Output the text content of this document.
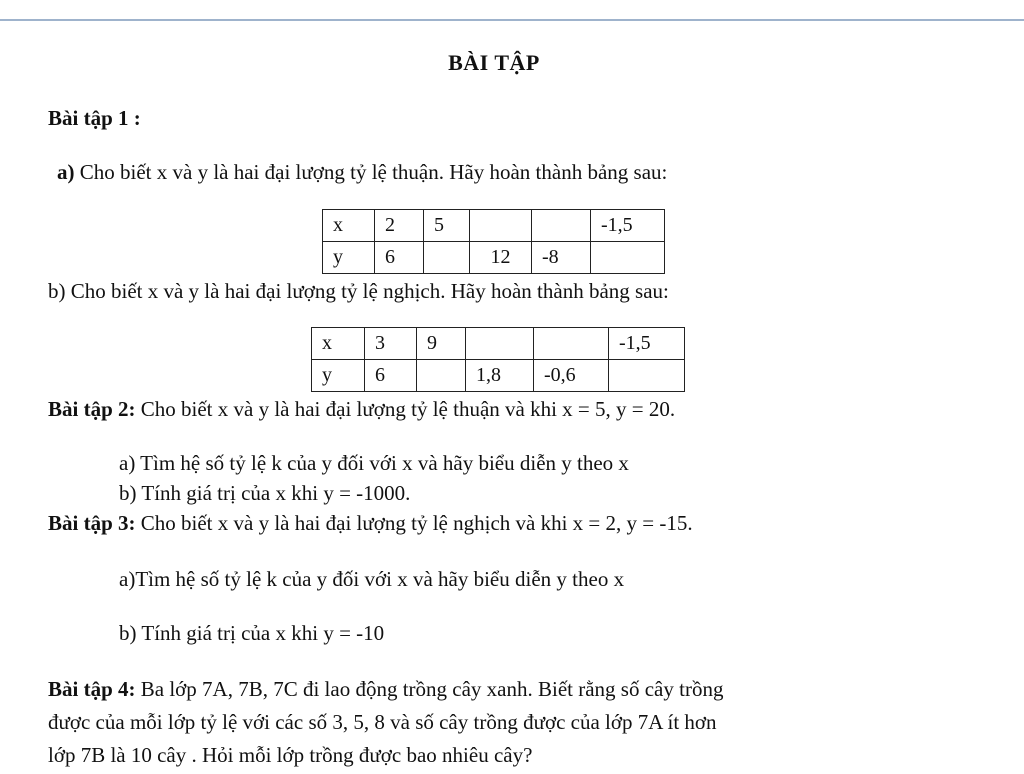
BÀI TẬP
Bài tập 1 :
a) Cho biết x và y là hai đại lượng tỷ lệ thuận. Hãy hoàn thành bảng sau:
x	2	5			-1,5
y	6		12	-8	
b) Cho biết x và y là hai đại lượng tỷ lệ nghịch. Hãy hoàn thành bảng sau:
x	3	9			-1,5
y	6		1,8	-0,6	
Bài tập 2: Cho biết x và y là hai đại lượng tỷ lệ thuận và khi x = 5, y = 20.
a) Tìm hệ số tỷ lệ k của y đối với x và hãy biểu diễn y theo x
b) Tính giá trị của x khi y = -1000.
Bài tập 3: Cho biết x và y là hai đại lượng tỷ lệ nghịch và khi x = 2, y = -15.
a)Tìm hệ số tỷ lệ k của y đối với x và hãy biểu diễn y theo x
b) Tính giá trị của x khi y = -10
Bài tập 4: Ba lớp 7A, 7B, 7C đi lao động trồng cây xanh. Biết rằng số cây trồng
được của mỗi lớp tỷ lệ với các số 3, 5, 8 và số cây trồng được của lớp 7A ít hơn
lớp 7B là 10 cây . Hỏi mỗi lớp trồng được bao nhiêu cây?
